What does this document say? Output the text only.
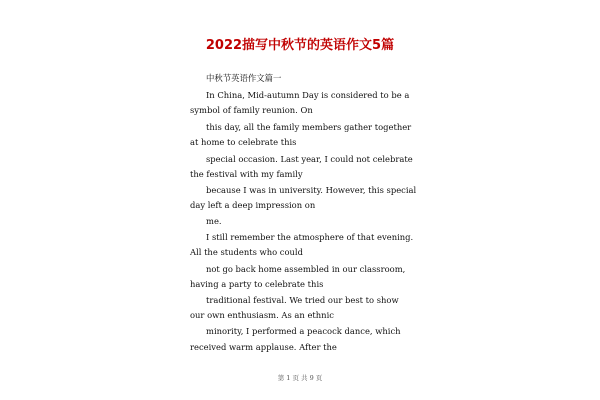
2022描写中秋节的英语作文5篇
中秋节英语作文篇一
In China, Mid-autumn Day is considered to be a
symbol of family reunion. On
this day, all the family members gather together
at home to celebrate this
special occasion. Last year, I could not celebrate
the festival with my family
because I was in university. However, this special
day left a deep impression on
me.
I still remember the atmosphere of that evening.
All the students who could
not go back home assembled in our classroom,
having a party to celebrate this
traditional festival. We tried our best to show
our own enthusiasm. As an ethnic
minority, I performed a peacock dance, which
received warm applause. After the
第 1 页 共 9 页
